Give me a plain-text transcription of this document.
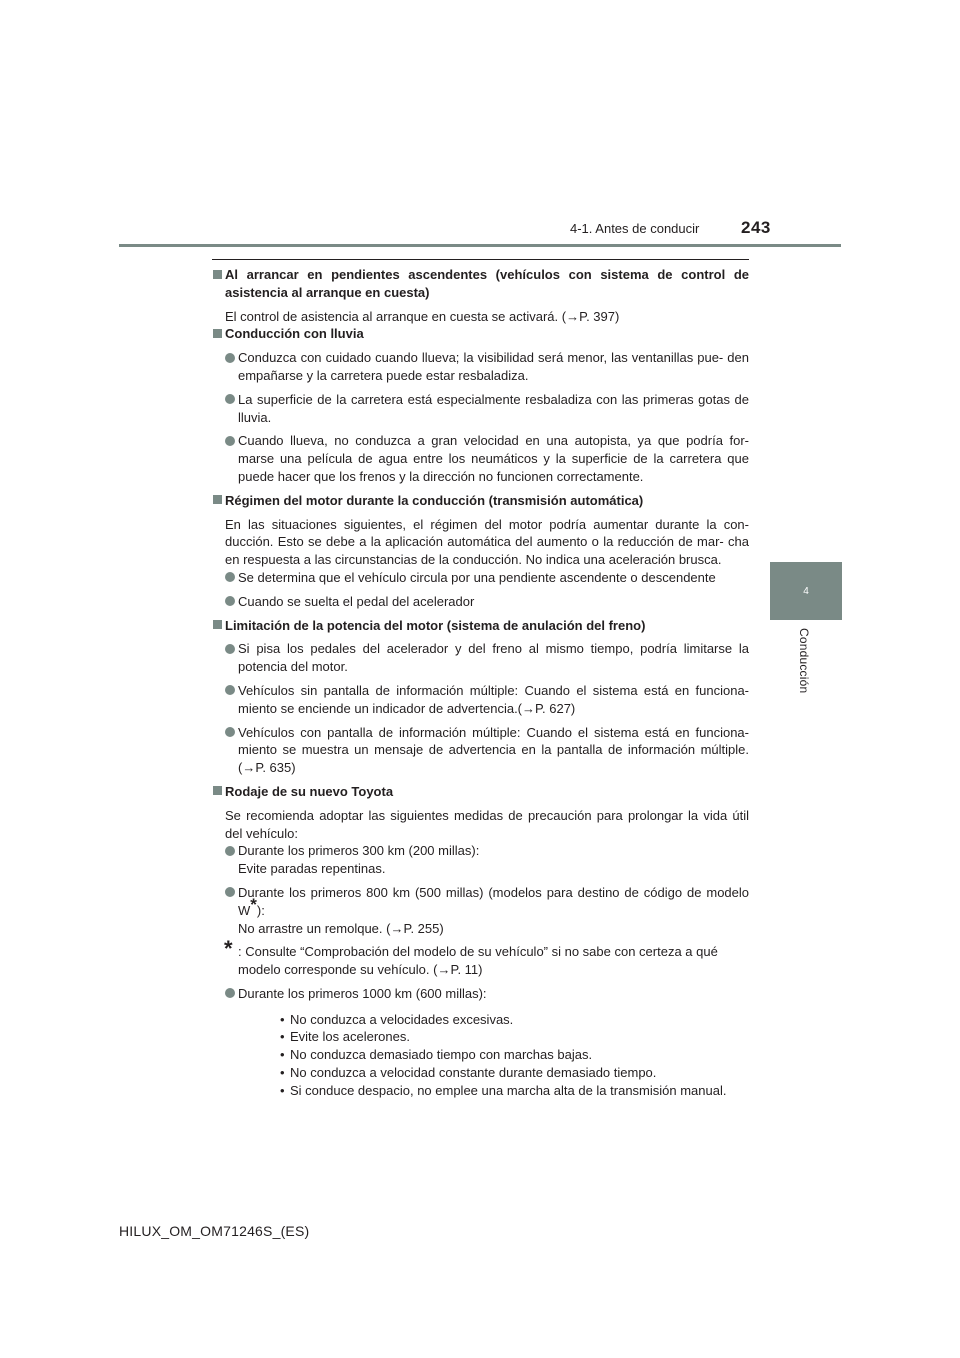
243
4-1. Antes de conducir
4
Conducción

Al arrancar en pendientes ascendentes (vehículos con sistema de control de asistencia al arranque en cuesta)

El control de asistencia al arranque en cuesta se activará. (→P. 397)

Conducción con lluvia

Conduzca con cuidado cuando llueva; la visibilidad será menor, las ventanillas pue- den empañarse y la carretera puede estar resbaladiza.

La superficie de la carretera está especialmente resbaladiza con las primeras gotas de lluvia.

Cuando llueva, no conduzca a gran velocidad en una autopista, ya que podría for- marse una película de agua entre los neumáticos y la superficie de la carretera que puede hacer que los frenos y la dirección no funcionen correctamente.

Régimen del motor durante la conducción (transmisión automática)

En las situaciones siguientes, el régimen del motor podría aumentar durante la con- ducción. Esto se debe a la aplicación automática del aumento o la reducción de mar- cha en respuesta a las circunstancias de la conducción. No indica una aceleración brusca.

Se determina que el vehículo circula por una pendiente ascendente o descendente

Cuando se suelta el pedal del acelerador

Limitación de la potencia del motor (sistema de anulación del freno)

Si pisa los pedales del acelerador y del freno al mismo tiempo, podría limitarse la potencia del motor.

Vehículos sin pantalla de información múltiple: Cuando el sistema está en funciona- miento se enciende un indicador de advertencia.(→P. 627)

Vehículos con pantalla de información múltiple: Cuando el sistema está en funciona- miento se muestra un mensaje de advertencia en la pantalla de información múltiple. (→P. 635)

Rodaje de su nuevo Toyota

Se recomienda adoptar las siguientes medidas de precaución para prolongar la vida útil del vehículo:

Durante los primeros 300 km (200 millas):

Evite paradas repentinas.

Durante los primeros 800 km (500 millas) (modelos para destino de código de modelo W*):

No arrastre un remolque. (→P. 255)

* : Consulte “Comprobación del modelo de su vehículo” si no sabe con certeza a qué modelo corresponde su vehículo. (→P. 11)

Durante los primeros 1000 km (600 millas):

• No conduzca a velocidades excesivas.
• Evite los acelerones.
• No conduzca demasiado tiempo con marchas bajas.
• No conduzca a velocidad constante durante demasiado tiempo.
• Si conduce despacio, no emplee una marcha alta de la transmisión manual.
HILUX_OM_OM71246S_(ES)
